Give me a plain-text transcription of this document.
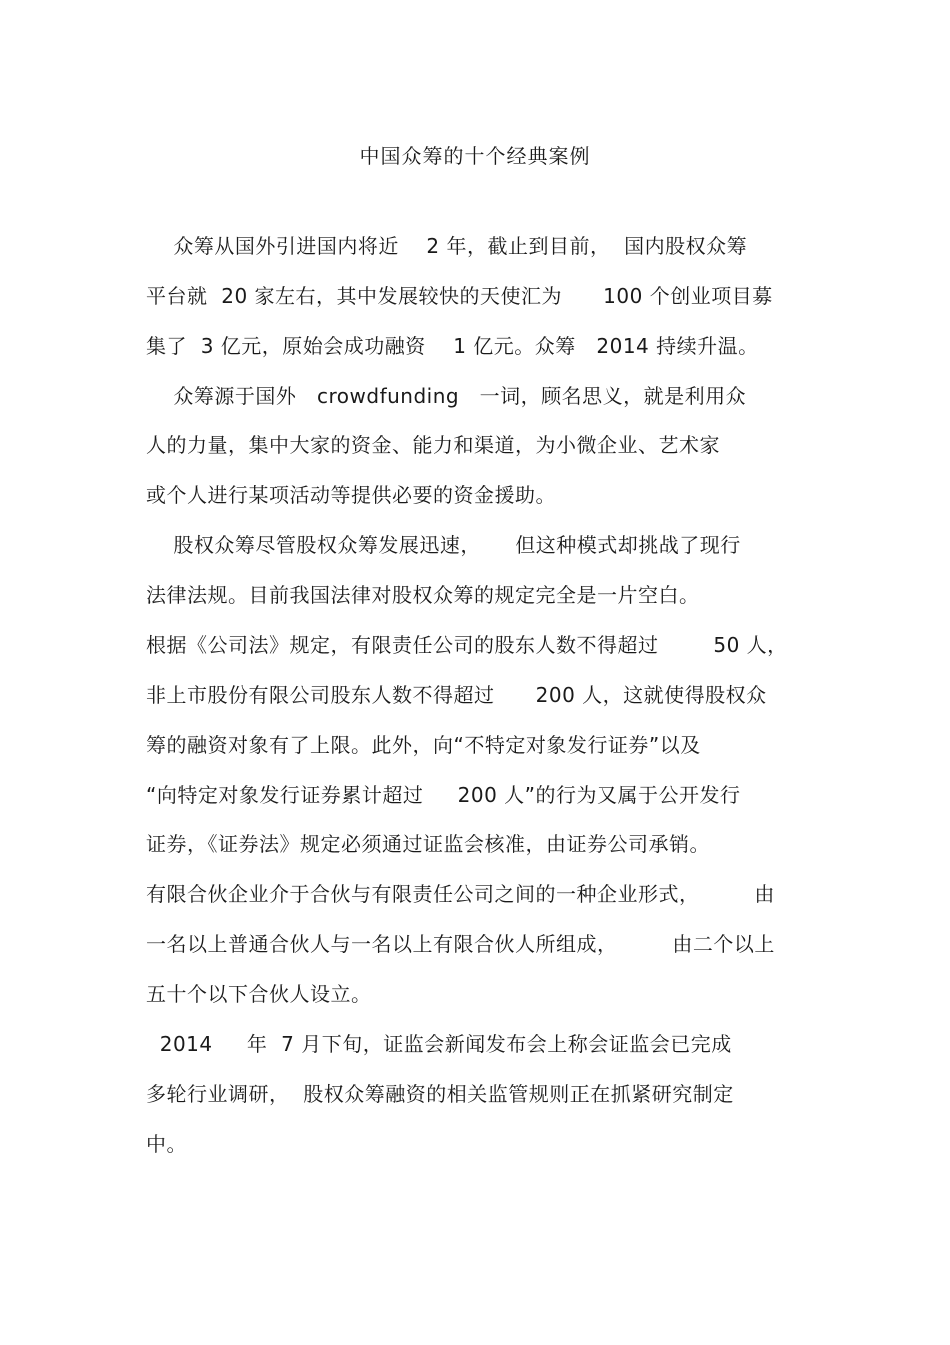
中国众筹的十个经典案例
众筹从国外引进国内将近    2 年，截止到目前，  国内股权众筹
平台就  20 家左右，其中发展较快的天使汇为      100 个创业项目募
集了  3 亿元，原始会成功融资    1 亿元。众筹   2014 持续升温。
众筹源于国外   crowdfunding   一词，顾名思义，就是利用众
人的力量，集中大家的资金、能力和渠道，为小微企业、艺术家
或个人进行某项活动等提供必要的资金援助。
股权众筹尽管股权众筹发展迅速，     但这种模式却挑战了现行
法律法规。目前我国法律对股权众筹的规定完全是一片空白。
根据《公司法》规定，有限责任公司的股东人数不得超过        50 人，
非上市股份有限公司股东人数不得超过      200 人，这就使得股权众
筹的融资对象有了上限。此外，向“不特定对象发行证券”以及
“向特定对象发行证券累计超过     200 人”的行为又属于公开发行
证券，《证券法》规定必须通过证监会核准，由证券公司承销。
有限合伙企业介于合伙与有限责任公司之间的一种企业形式，        由
一名以上普通合伙人与一名以上有限合伙人所组成，        由二个以上
五十个以下合伙人设立。
2014     年  7 月下旬，证监会新闻发布会上称会证监会已完成
多轮行业调研，  股权众筹融资的相关监管规则正在抓紧研究制定
中。
